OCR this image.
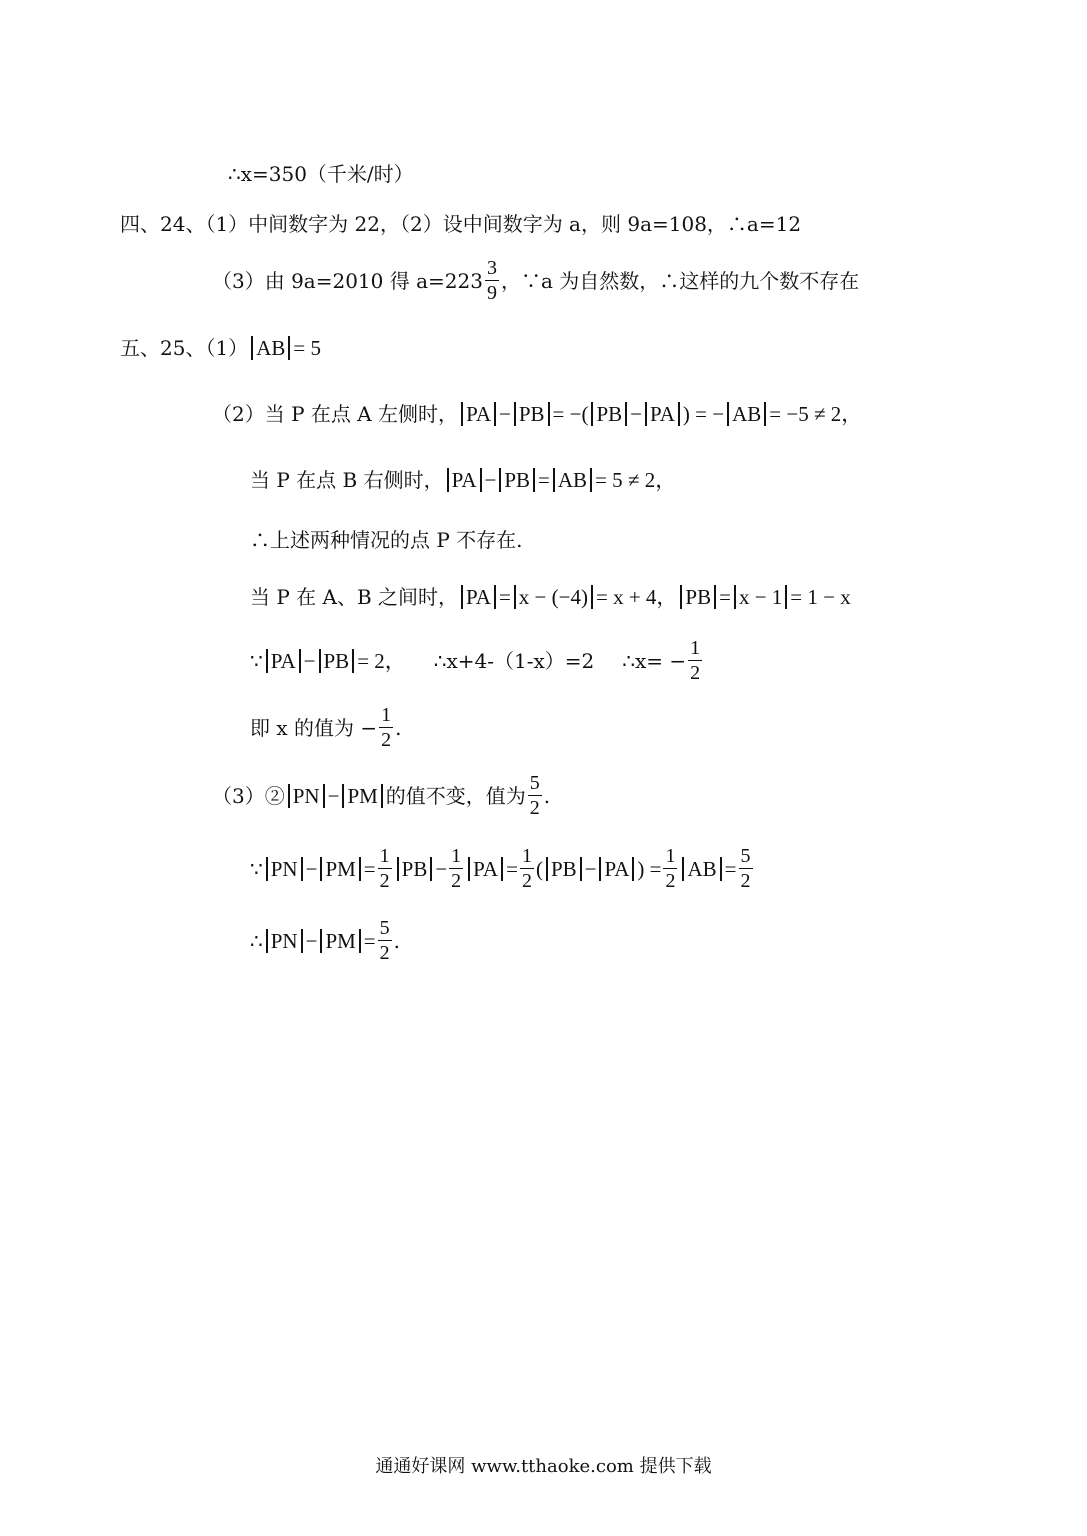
∴x=350（千米/时）
四、24、（1）中间数字为 22，（2）设中间数字为 a，则 9a=108，∴a=12
（3）由 9a=2010 得 $a=223 \frac{3}{9}$ ，∵a 为自然数，∴这样的九个数不存在
五、25、（1） AB = 5
（2）当 P 在点 A 左侧时， PA − PB = −( PB − PA ) = − AB = −5 ≠ 2，
当 P 在点 B 右侧时， PA − PB = AB = 5 ≠ 2，
∴上述两种情况的点 P 不存在.
当 P 在 A、B 之间时， PA = x − (−4) = x + 4， PB = x − 1 = 1 − x
∵ PA − PB = 2， ∴x+4-（1-x）=2 ∴x= − $\frac{1}{2}$
即 x 的值为 − $\frac{1}{2}$ .
（3）② PN − PM 的值不变，值为 $\frac{5}{2}$ .
∵ PN − PM = $\frac{1}{2}$ PB − $\frac{1}{2}$ PA = $\frac{1}{2}$ ( PB − PA ) = $\frac{1}{2}$ AB = $\frac{5}{2}$
∴ PN − PM = $\frac{5}{2}$ .
通通好课网 www.tthaoke.com 提供下载
